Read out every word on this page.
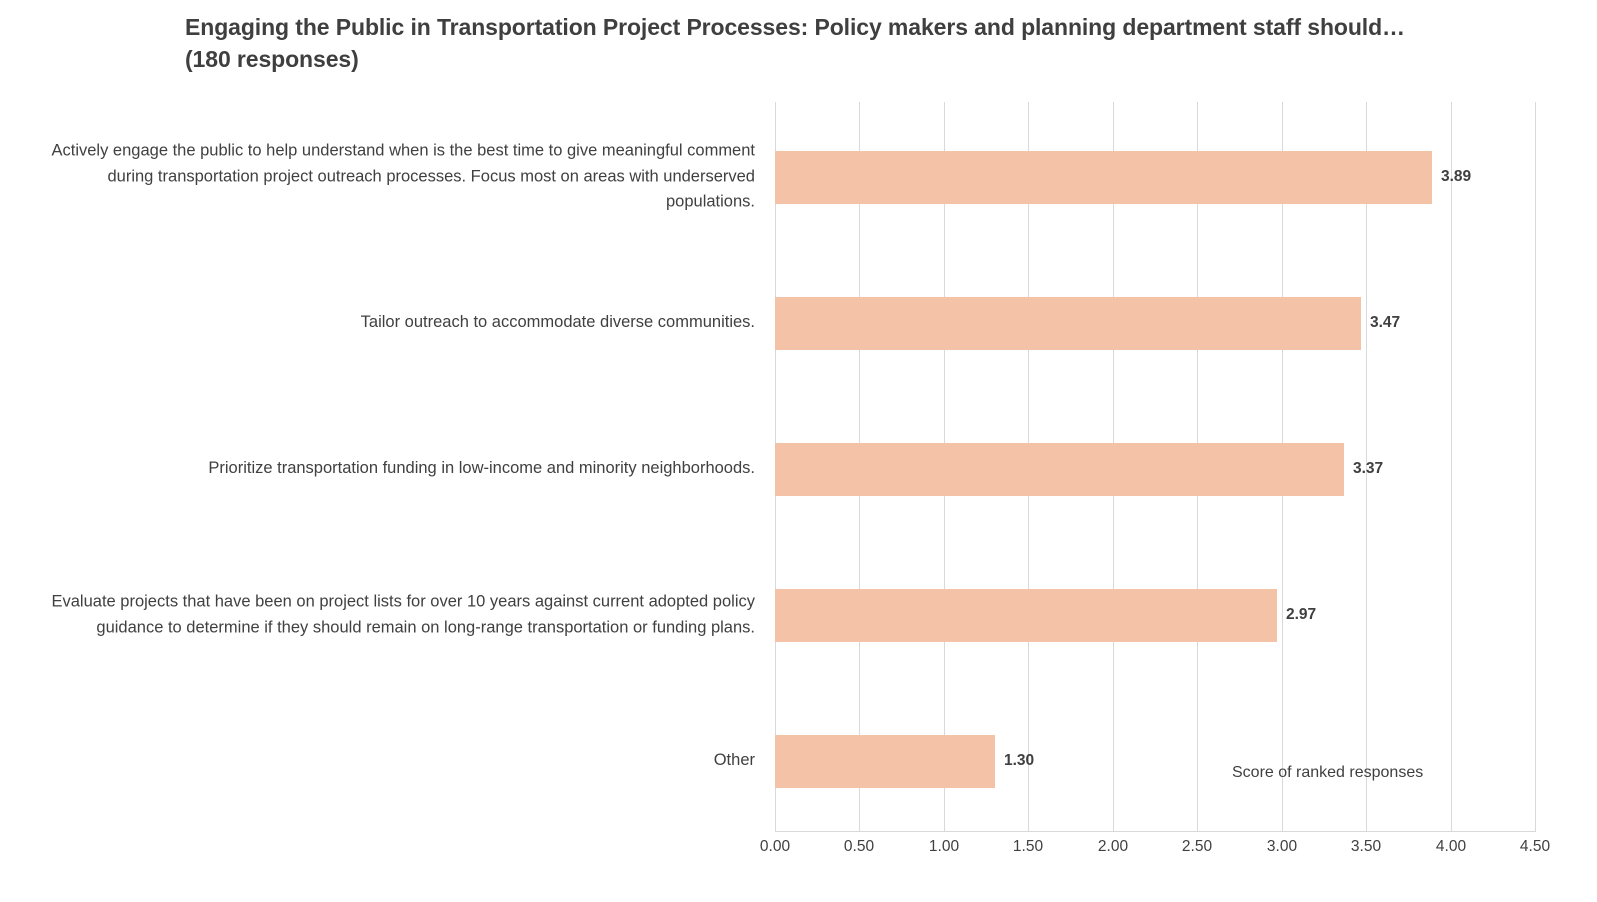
Engaging the Public in Transportation Project Processes: Policy makers and planning department staff should… (180 responses)
Actively engage the public to help understand when is the best time to give meaningful comment during transportation project outreach processes. Focus most on areas with underserved populations.
Tailor outreach to accommodate diverse communities.
Prioritize transportation funding in low-income and minority neighborhoods.
Evaluate projects that have been on project lists for over 10 years against current adopted policy guidance to determine if they should remain on long-range transportation or funding plans.
Other
3.89
3.47
3.37
2.97
1.30
Score of ranked responses
0.00	0.50	1.00	1.50	2.00	2.50	3.00	3.50	4.00	4.50
